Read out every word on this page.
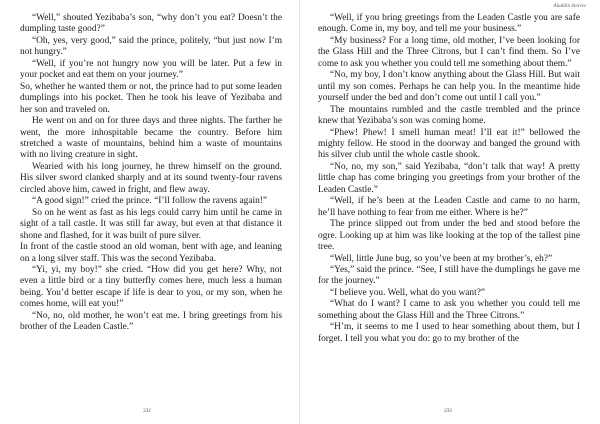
“Well,” shouted Yezibaba’s son, “why don’t you eat? Doesn’t the dumpling taste good?”

“Oh, yes, very good,” said the prince, politely, “but just now I’m not hungry.”

“Well, if you’re not hungry now you will be later. Put a few in your pocket and eat them on your journey.”

So, whether he wanted them or not, the prince had to put some leaden dumplings into his pocket. Then he took his leave of Yezibaba and her son and traveled on.

He went on and on for three days and three nights. The farther he went, the more inhospitable became the country. Before him stretched a waste of mountains, behind him a waste of mountains with no living creature in sight.

Wearied with his long journey, he threw himself on the ground. His silver sword clanked sharply and at its sound twenty-four ravens circled above him, cawed in fright, and flew away.

“A good sign!” cried the prince. “I’ll follow the ravens again!”

So on he went as fast as his legs could carry him until he came in sight of a tall castle. It was still far away, but even at that distance it shone and flashed, for it was built of pure silver.

In front of the castle stood an old woman, bent with age, and leaning on a long silver staff. This was the second Yezibaba.

“Yi, yi, my boy!” she cried. “How did you get here? Why, not even a little bird or a tiny butterfly comes here, much less a human being. You’d better escape if life is dear to you, or my son, when he comes home, will eat you!”

“No, no, old mother, he won’t eat me. I bring greetings from his brother of the Leaden Castle.”

232
Aladdin Stories

“Well, if you bring greetings from the Leaden Castle you are safe enough. Come in, my boy, and tell me your business.”

“My business? For a long time, old mother, I’ve been looking for the Glass Hill and the Three Citrons, but I can’t find them. So I’ve come to ask you whether you could tell me something about them.”

“No, my boy, I don’t know anything about the Glass Hill. But wait until my son comes. Perhaps he can help you. In the meantime hide yourself under the bed and don’t come out until I call you.”

The mountains rumbled and the castle trembled and the prince knew that Yezibaba’s son was coming home.

“Phew! Phew! I smell human meat! I’ll eat it!” bellowed the mighty fellow. He stood in the doorway and banged the ground with his silver club until the whole castle shook.

“No, no, my son,” said Yezibaba, “don’t talk that way! A pretty little chap has come bringing you greetings from your brother of the Leaden Castle.”

“Well, if he’s been at the Leaden Castle and came to no harm, he’ll have nothing to fear from me either. Where is he?”

The prince slipped out from under the bed and stood before the ogre. Looking up at him was like looking at the top of the tallest pine tree.

“Well, little June bug, so you’ve been at my brother’s, eh?”

“Yes,” said the prince. “See, I still have the dumplings he gave me for the journey.”

“I believe you. Well, what do you want?”

“What do I want? I came to ask you whether you could tell me something about the Glass Hill and the Three Citrons.”

“H’m, it seems to me I used to hear something about them, but I forget. I tell you what you do: go to my brother of the

233
